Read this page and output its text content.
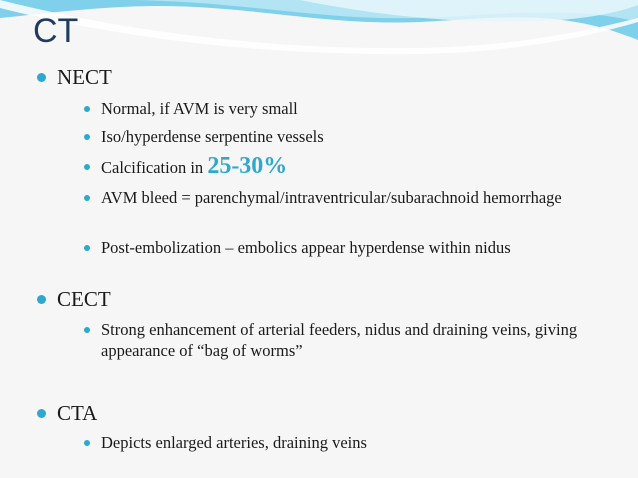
CT
NECT
Normal, if AVM is very small
Iso/hyperdense serpentine vessels
Calcification in 25-30%
AVM bleed = parenchymal/intraventricular/subarachnoid hemorrhage
Post-embolization – embolics appear hyperdense within nidus
CECT
Strong enhancement of arterial feeders, nidus and draining veins, giving appearance of “bag of worms”
CTA
Depicts enlarged arteries, draining veins
